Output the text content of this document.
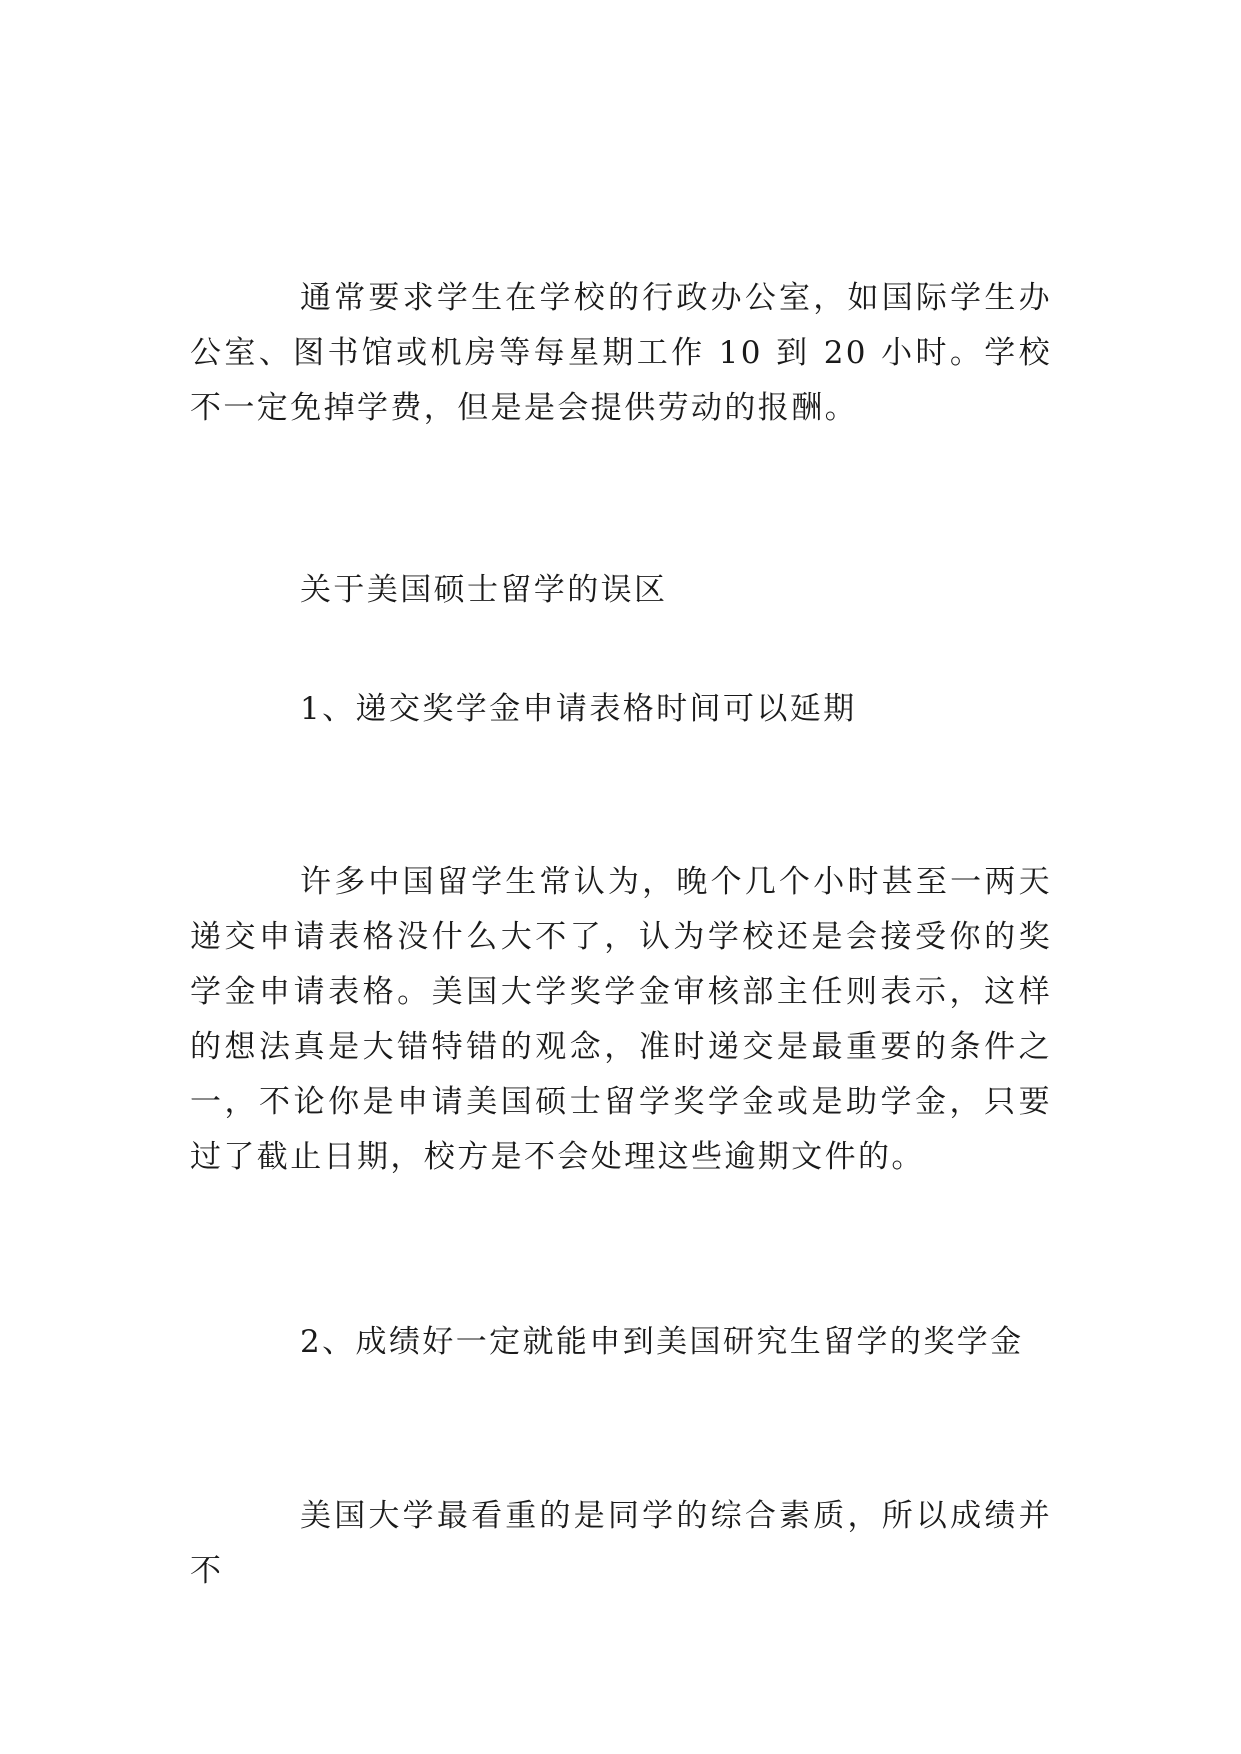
通常要求学生在学校的行政办公室，如国际学生办公室、图书馆或机房等每星期工作 10 到 20 小时。学校不一定免掉学费，但是是会提供劳动的报酬。

关于美国硕士留学的误区

1、递交奖学金申请表格时间可以延期

许多中国留学生常认为，晚个几个小时甚至一两天递交申请表格没什么大不了，认为学校还是会接受你的奖学金申请表格。美国大学奖学金审核部主任则表示，这样的想法真是大错特错的观念，准时递交是最重要的条件之一，不论你是申请美国硕士留学奖学金或是助学金，只要过了截止日期，校方是不会处理这些逾期文件的。

2、成绩好一定就能申到美国研究生留学的奖学金

美国大学最看重的是同学的综合素质，所以成绩并不
